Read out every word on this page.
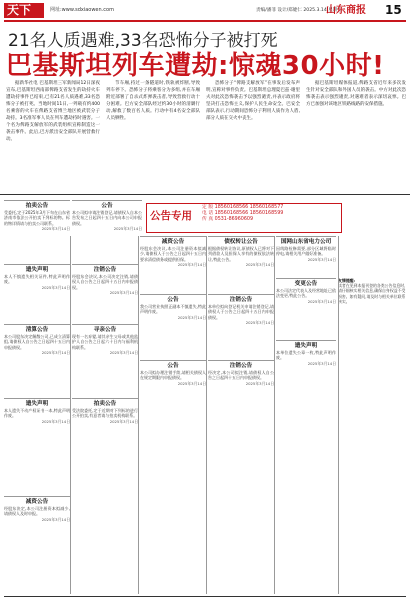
天下	网址:www.sdxiaowen.com	责编/潘菲 设计/郑婕仁 2025.3.14 星期五
山东商报 15
21名人质遇难,33名恐怖分子被打死
巴基斯坦列车遭劫:惊魂30小时!

据新华社电 巴基斯坦三军新闻局12日深夜宣布,巴基斯坦西南部俾路支省发生的劫持火车遭劫持事件已结束,已有21名人质遇难,33名恐怖分子被打死。当地时间11日,一列载有约400名乘客的火车在俾路支省博兰地区被武装分子劫持。3名准军事人员在列车遭劫持时遇害。一个名为俾路支解放军的武装组织宣称制造这一袭击事件。此后,巴方派出安全部队开展营救行动。

节车厢,持过一条隧道时,铁轨被炸断,导致列车停下。恐怖分子将乘客分为多组,并在车厢附近部署了自杀式炸弹袭击者,导致营救行动十分困难。巴方安全部队经过约30小时的清剿行动,解救了数百名人质。行动中有4名安全部队人员牺牲。

恐怖分子“俾路支解放军”在事发后发布声明,宣称对事件负责。巴基斯坦总理夏巴兹·谢里夫对此次恐怖袭击予以强烈谴责,并表示政府将坚决打击恐怖主义,保护人民生命安全。巴安全部队表示,行动期间恐怖分子利用人质作为人盾,部分人质在交火中丧生。

据巴基斯坦媒体报道,俾路支省近年来多次发生针对安全部队和外国人员的袭击。中方对此次恐怖袭击表示强烈谴责,对遇难者表示深切哀悼。巴方已加强对该地区铁路线路的安保措施。

公告专用
定 版 18560168566 18560168577
电 话 18560168566 18560168599
传 真 0531-86960609
友情提醒:
读者在见到本报刊登的各类公告信息时,请仔细核实相关信息,确保自身权益不受损害。如有疑问,请及时与相关单位联系核实。
拍卖公告
受委托,定于2025年3月下旬在山东省济南市依法公开拍卖下列标的物。标的物详情请与拍卖公司联系。
2025年3月14日
公告
本公司拟申请注销登记,请债权人自本公告发布之日起四十五日内向本公司申报债权。
2025年3月14日
遗失声明
本人不慎遗失相关证件,特此声明作废。
2025年3月14日
注销公告
经股东会决议,本公司决定注销,请债权人自公告之日起四十五日内申报债权。
2025年3月14日
减资公告
经股东会决议,本公司注册资本拟减少,请债权人于公告之日起四十五日内要求清偿债务或提供担保。
2025年3月14日
债权转让公告
根据债权转让协议,原债权人已将对下列借款人及担保人享有的债权依法转让,特此公告。
2025年3月14日
国网山东省电力公司
因线路检修需要,部分区域将临时停电,请相关用户做好准备。
2025年3月14日
清算公告
本公司股东决定解散公司,已成立清算组,请债权人自公告之日起四十五日内申报债权。
2025年3月14日
寻亲公告
现有一名弃婴,请其亲生父母或其他监护人自公告之日起六十日内与福利机构联系。
2025年3月14日
公告
我公司营业执照正副本不慎遗失,特此声明作废。
2025年3月14日
注销公告
本单位拟向登记机关申请注销登记,请债权人于公告之日起四十五日内申报债权。
2025年3月14日
变更公告
本公司法定代表人及经营地址已依法变更,特此公告。
2025年3月14日
遗失声明
本人遗失不动产权证书一本,特此声明作废。
2025年3月14日
拍卖公告
受法院委托,定于近期对下列标的进行公开拍卖,有意者请与拍卖机构联系。
2025年3月14日
公告
本公司拟办理注销手续,请相关债权人在规定期限内申报债权。
2025年3月14日
注销公告
经决定,本公司拟注销,请债权人自公告之日起四十五日内申报债权。
2025年3月14日
遗失声明
本单位遗失公章一枚,特此声明作废。
2025年3月14日
减资公告
经股东决定,本公司注册资本拟减少,请债权人及时申报。
2025年3月14日
